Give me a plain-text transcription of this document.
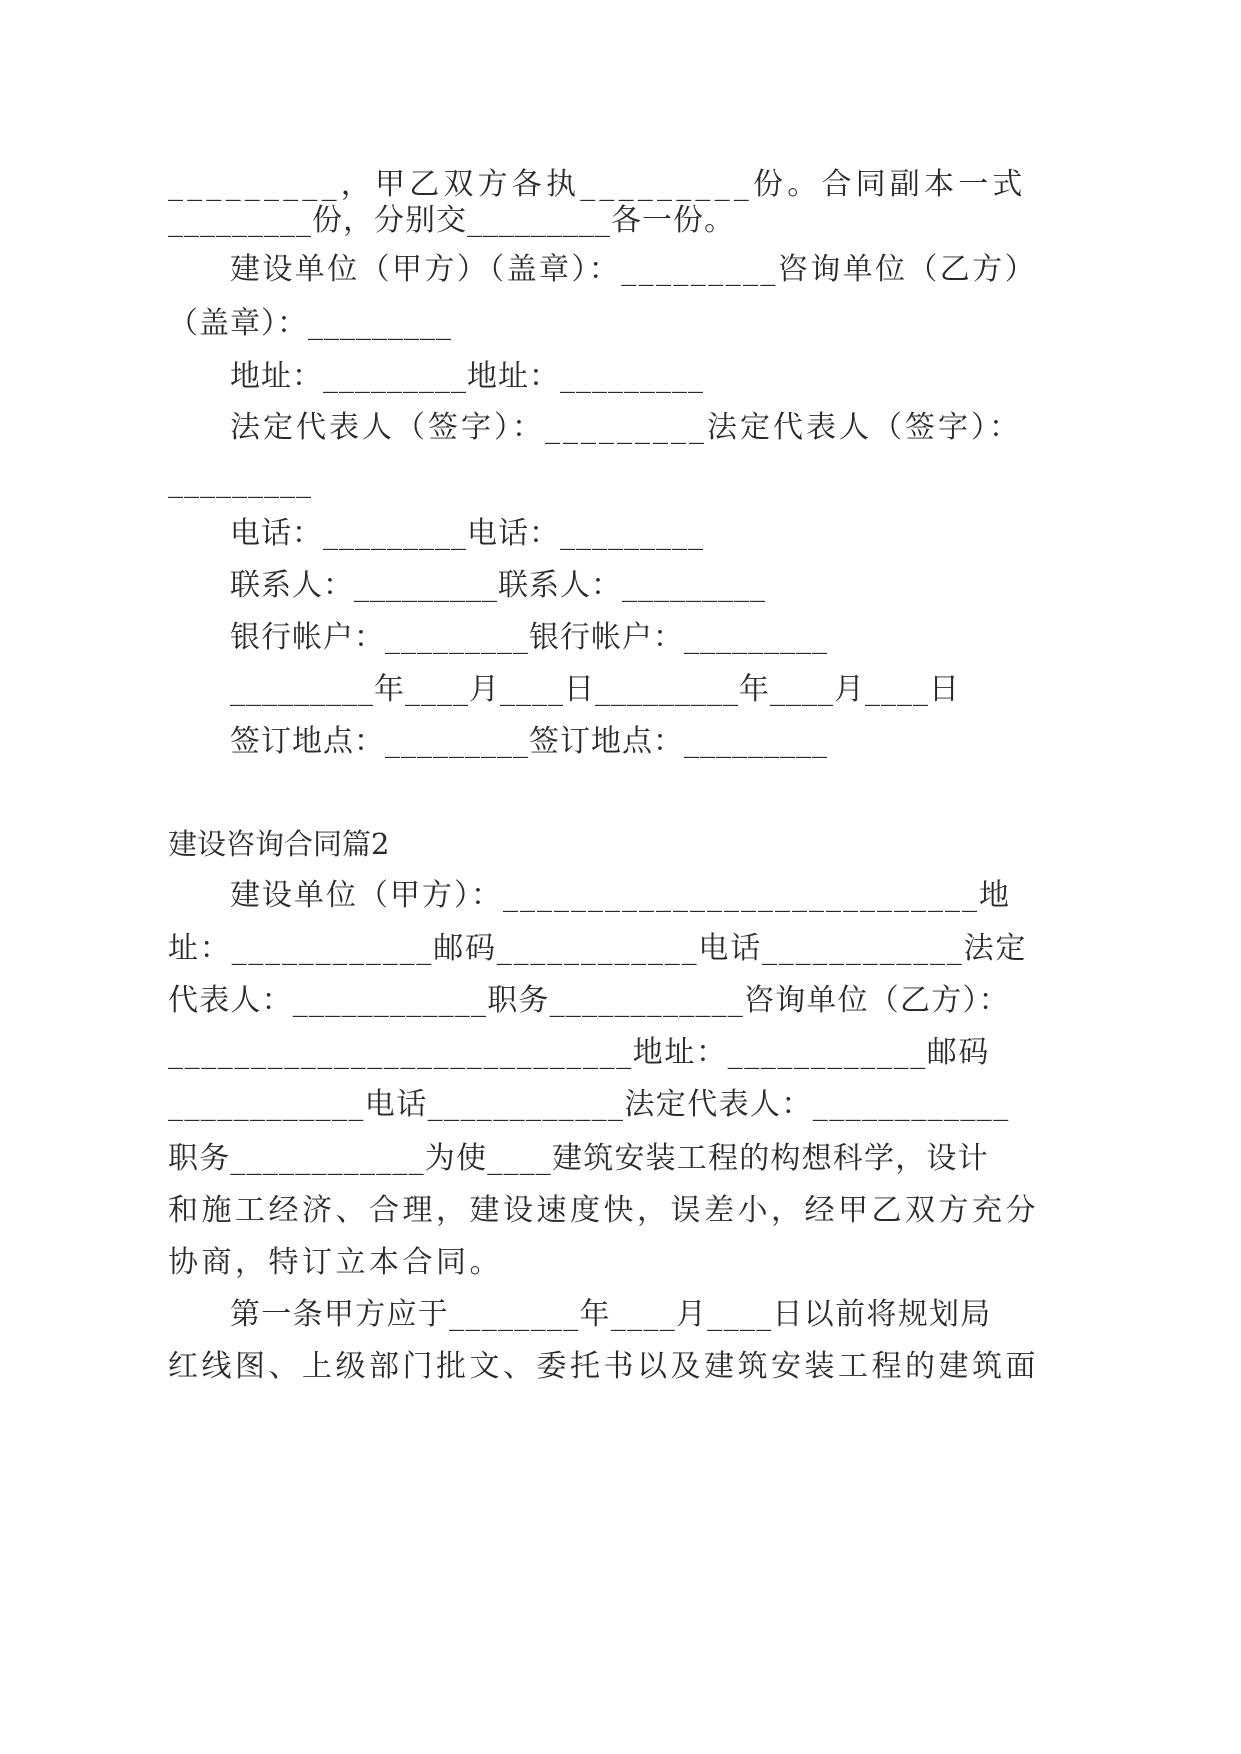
_________，甲乙双方各执_________份。合同副本一式
_________份，分别交_________各一份。
建设单位（甲方）（盖章）：_________咨询单位（乙方）
（盖章）：_________
地址：_________地址：_________
法定代表人（签字）：_________法定代表人（签字）：
_________
电话：_________电话：_________
联系人：_________联系人：_________
银行帐户：_________银行帐户：_________
_________年____月____日_________年____月____日
签订地点：_________签订地点：_________
建设咨询合同篇2
建设单位（甲方）：____________________________地
址：____________邮码____________电话____________法定
代表人：____________职务____________咨询单位（乙方）：
____________________________地址：____________邮码
____________电话____________法定代表人：____________
职务____________为使____建筑安装工程的构想科学，设计
和施工经济、合理，建设速度快，误差小，经甲乙双方充分
协商，特订立本合同。
第一条甲方应于________年____月____日以前将规划局
红线图、上级部门批文、委托书以及建筑安装工程的建筑面
